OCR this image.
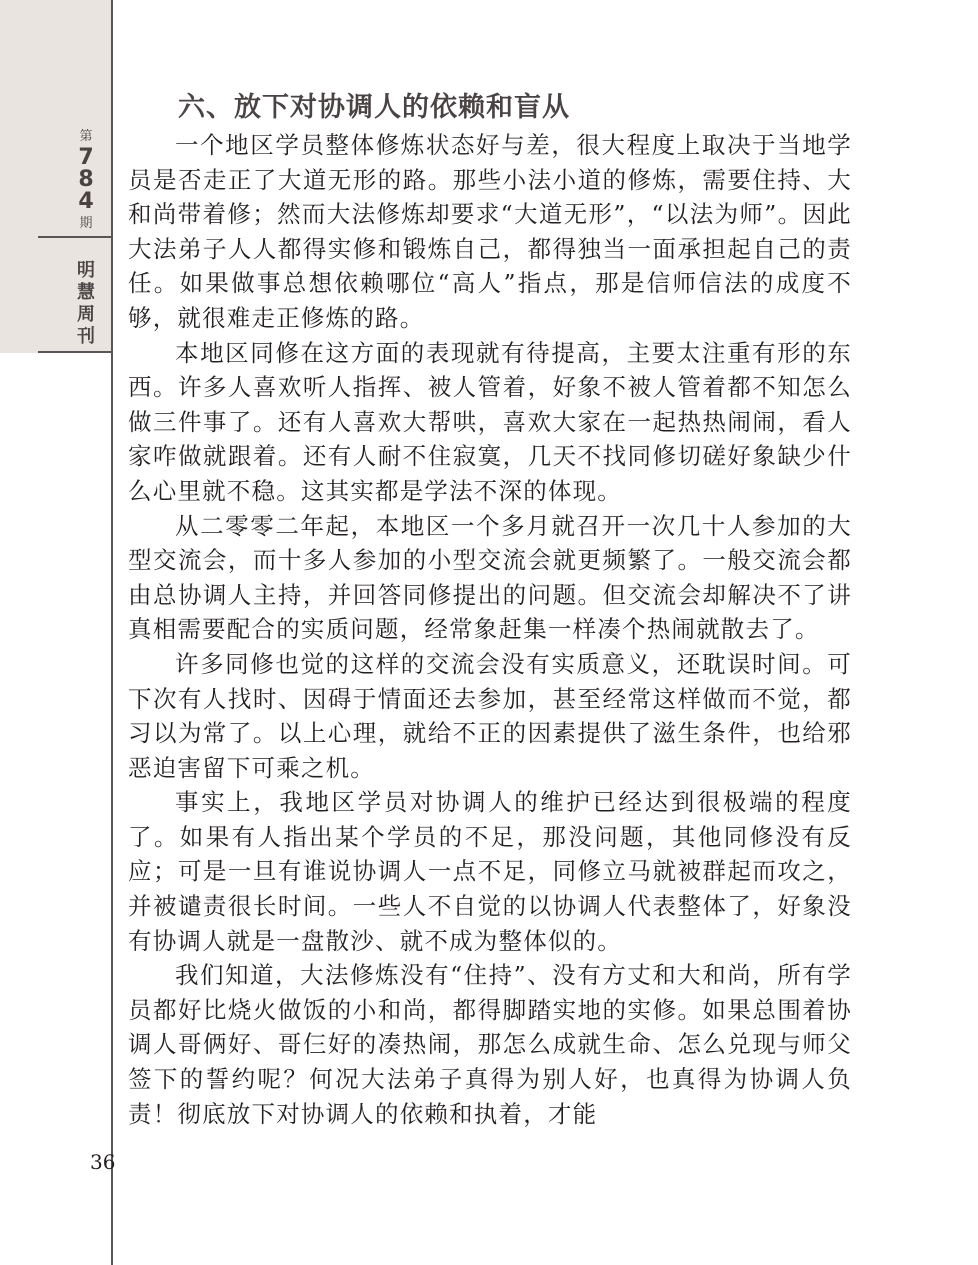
第
7
8
4
期
明
慧
周
刊
36
六、放下对协调人的依赖和盲从

一个地区学员整体修炼状态好与差，很大程度上取决于当地学员是否走正了大道无形的路。那些小法小道的修炼，需要住持、大和尚带着修；然而大法修炼却要求“大道无形”，“以法为师”。因此大法弟子人人都得实修和锻炼自己，都得独当一面承担起自己的责任。如果做事总想依赖哪位“高人”指点，那是信师信法的成度不够，就很难走正修炼的路。

本地区同修在这方面的表现就有待提高，主要太注重有形的东西。许多人喜欢听人指挥、被人管着，好象不被人管着都不知怎么做三件事了。还有人喜欢大帮哄，喜欢大家在一起热热闹闹，看人家咋做就跟着。还有人耐不住寂寞，几天不找同修切磋好象缺少什么心里就不稳。这其实都是学法不深的体现。

从二零零二年起，本地区一个多月就召开一次几十人参加的大型交流会，而十多人参加的小型交流会就更频繁了。一般交流会都由总协调人主持，并回答同修提出的问题。但交流会却解决不了讲真相需要配合的实质问题，经常象赶集一样凑个热闹就散去了。

许多同修也觉的这样的交流会没有实质意义，还耽误时间。可下次有人找时、因碍于情面还去参加，甚至经常这样做而不觉，都习以为常了。以上心理，就给不正的因素提供了滋生条件，也给邪恶迫害留下可乘之机。

事实上，我地区学员对协调人的维护已经达到很极端的程度了。如果有人指出某个学员的不足，那没问题，其他同修没有反应；可是一旦有谁说协调人一点不足，同修立马就被群起而攻之，并被谴责很长时间。一些人不自觉的以协调人代表整体了，好象没有协调人就是一盘散沙、就不成为整体似的。

我们知道，大法修炼没有“住持”、没有方丈和大和尚，所有学员都好比烧火做饭的小和尚，都得脚踏实地的实修。如果总围着协调人哥俩好、哥仨好的凑热闹，那怎么成就生命、怎么兑现与师父签下的誓约呢？何况大法弟子真得为别人好，也真得为协调人负责！彻底放下对协调人的依赖和执着，才能
